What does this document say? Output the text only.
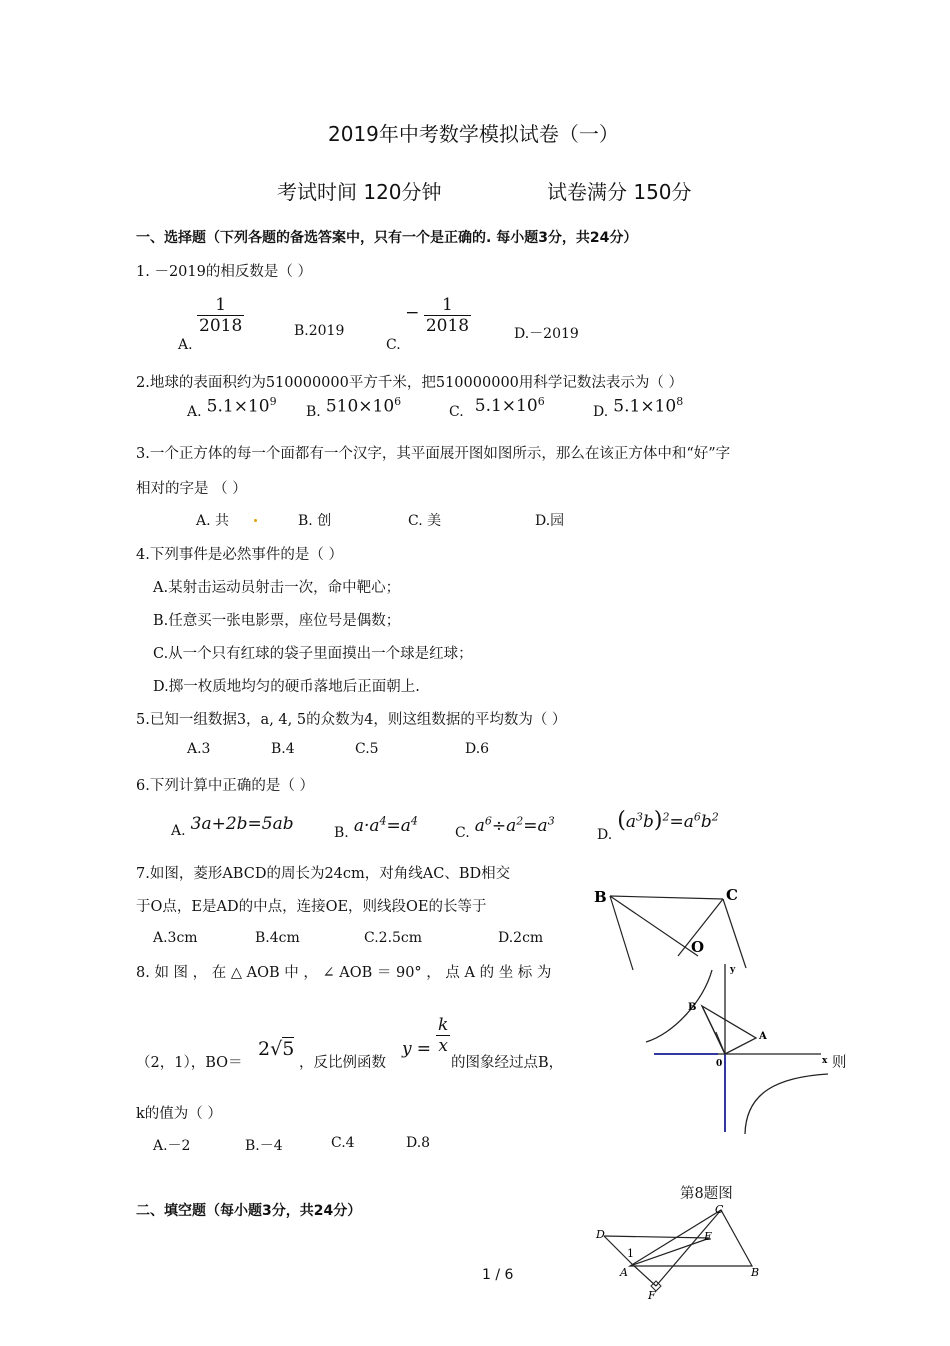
2019年中考数学模拟试卷（一）
考试时间 120分钟	试卷满分 150分
一、选择题（下列各题的备选答案中，只有一个是正确的. 每小题3分，共24分）
1. －2019的相反数是（ ）
A.
$\frac{1}{2018}$	B.2019
C. − $\frac{1}{2018}$	D.－2019
2.地球的表面积约为510000000平方千米，把510000000用科学记数法表示为（ ）
A. $5.1\times 10^9$
B. $510\times 10^6$
C. $5.1\times 10^6$
D. $5.1\times 10^8$
3.一个正方体的每一个面都有一个汉字，其平面展开图如图所示，那么在该正方体中和“好”字
相对的字是 （ ）
A. 共	B. 创	C. 美	D.园
4.下列事件是必然事件的是（ ）
A.某射击运动员射击一次，命中靶心；
B.任意买一张电影票，座位号是偶数；
C.从一个只有红球的袋子里面摸出一个球是红球；
D.掷一枚质地均匀的硬币落地后正面朝上.
5.已知一组数据3，a, 4, 5的众数为4，则这组数据的平均数为（ ）
A.3	B.4	C.5	D.6
6.下列计算中正确的是（ ）
A. 3a+2b=5ab	B. $a\cdot a^4=a^4$
C. $a^6\div a^2=a^3$
D. $(a^3b)^2=a^6b^2$
7.如图，菱形ABCD的周长为24cm，对角线AC、BD相交
于O点，E是AD的中点，连接OE，则线段OE的长等于
A.3cm	B.4cm	C.2.5cm	D.2cm
B	C
O
8. 如 图 ， 在 △ AOB 中 ， ∠ AOB ＝ 90° ， 点 A 的 坐 标 为
（2，1），BO＝
2√5
，反比例函数
$y = \frac{k}{x}$
的图象经过点B，	则
k的值为（ ）
A.－2	B.－4	C.4	D.8
B
A
0	x
y
第8题图
二、填空题（每小题3分，共24分）	C
D	E
1
A	B
F
1 / 6
